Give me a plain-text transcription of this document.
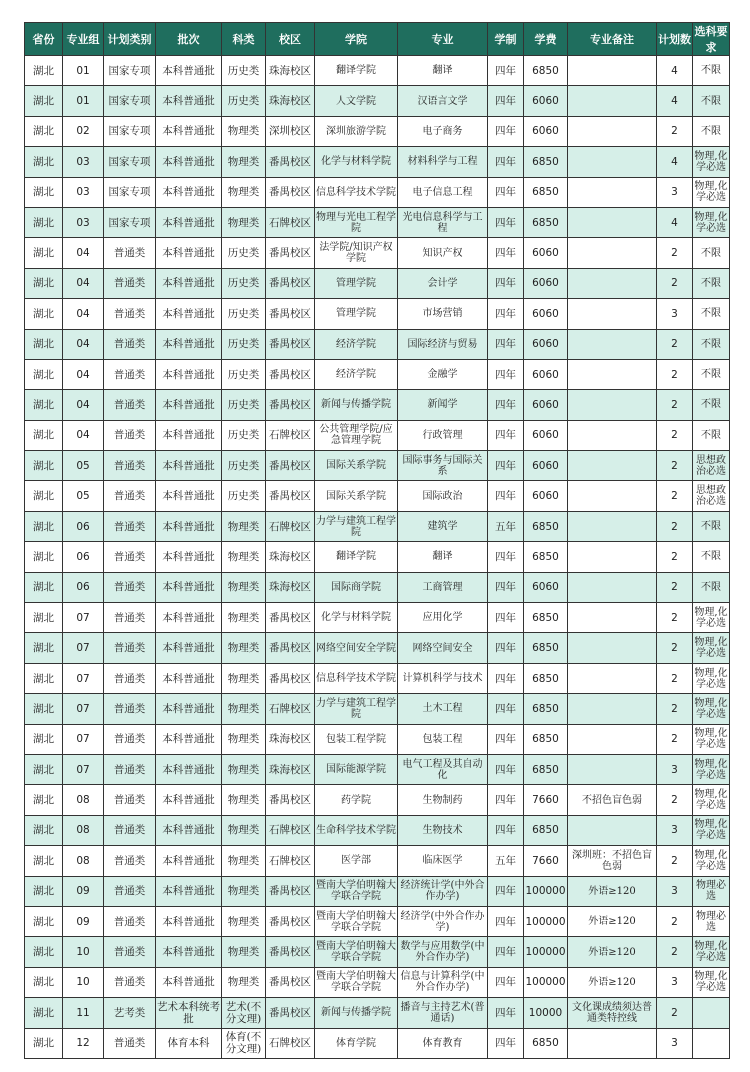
省份	专业组	计划类别	批次	科类	校区	学院	专业	学制	学费	专业备注	计划数	选科要求
湖北	01	国家专项	本科普通批	历史类	珠海校区	翻译学院	翻译	四年	6850		4	不限
湖北	01	国家专项	本科普通批	历史类	珠海校区	人文学院	汉语言文学	四年	6060		4	不限
湖北	02	国家专项	本科普通批	物理类	深圳校区	深圳旅游学院	电子商务	四年	6060		2	不限
湖北	03	国家专项	本科普通批	物理类	番禺校区	化学与材料学院	材料科学与工程	四年	6850		4	物理,化学必选
湖北	03	国家专项	本科普通批	物理类	番禺校区	信息科学技术学院	电子信息工程	四年	6850		3	物理,化学必选
湖北	03	国家专项	本科普通批	物理类	石牌校区	物理与光电工程学院	光电信息科学与工程	四年	6850		4	物理,化学必选
湖北	04	普通类	本科普通批	历史类	番禺校区	法学院/知识产权学院	知识产权	四年	6060		2	不限
湖北	04	普通类	本科普通批	历史类	番禺校区	管理学院	会计学	四年	6060		2	不限
湖北	04	普通类	本科普通批	历史类	番禺校区	管理学院	市场营销	四年	6060		3	不限
湖北	04	普通类	本科普通批	历史类	番禺校区	经济学院	国际经济与贸易	四年	6060		2	不限
湖北	04	普通类	本科普通批	历史类	番禺校区	经济学院	金融学	四年	6060		2	不限
湖北	04	普通类	本科普通批	历史类	番禺校区	新闻与传播学院	新闻学	四年	6060		2	不限
湖北	04	普通类	本科普通批	历史类	石牌校区	公共管理学院/应急管理学院	行政管理	四年	6060		2	不限
湖北	05	普通类	本科普通批	历史类	番禺校区	国际关系学院	国际事务与国际关系	四年	6060		2	思想政治必选
湖北	05	普通类	本科普通批	历史类	番禺校区	国际关系学院	国际政治	四年	6060		2	思想政治必选
湖北	06	普通类	本科普通批	物理类	石牌校区	力学与建筑工程学院	建筑学	五年	6850		2	不限
湖北	06	普通类	本科普通批	物理类	珠海校区	翻译学院	翻译	四年	6850		2	不限
湖北	06	普通类	本科普通批	物理类	珠海校区	国际商学院	工商管理	四年	6060		2	不限
湖北	07	普通类	本科普通批	物理类	番禺校区	化学与材料学院	应用化学	四年	6850		2	物理,化学必选
湖北	07	普通类	本科普通批	物理类	番禺校区	网络空间安全学院	网络空间安全	四年	6850		2	物理,化学必选
湖北	07	普通类	本科普通批	物理类	番禺校区	信息科学技术学院	计算机科学与技术	四年	6850		2	物理,化学必选
湖北	07	普通类	本科普通批	物理类	石牌校区	力学与建筑工程学院	土木工程	四年	6850		2	物理,化学必选
湖北	07	普通类	本科普通批	物理类	珠海校区	包装工程学院	包装工程	四年	6850		2	物理,化学必选
湖北	07	普通类	本科普通批	物理类	珠海校区	国际能源学院	电气工程及其自动化	四年	6850		3	物理,化学必选
湖北	08	普通类	本科普通批	物理类	番禺校区	药学院	生物制药	四年	7660	不招色盲色弱	2	物理,化学必选
湖北	08	普通类	本科普通批	物理类	石牌校区	生命科学技术学院	生物技术	四年	6850		3	物理,化学必选
湖北	08	普通类	本科普通批	物理类	石牌校区	医学部	临床医学	五年	7660	深圳班：不招色盲色弱	2	物理,化学必选
湖北	09	普通类	本科普通批	物理类	番禺校区	暨南大学伯明翰大学联合学院	经济统计学(中外合作办学)	四年	100000	外语≥120	3	物理必选
湖北	09	普通类	本科普通批	物理类	番禺校区	暨南大学伯明翰大学联合学院	经济学(中外合作办学)	四年	100000	外语≥120	2	物理必选
湖北	10	普通类	本科普通批	物理类	番禺校区	暨南大学伯明翰大学联合学院	数学与应用数学(中外合作办学)	四年	100000	外语≥120	2	物理,化学必选
湖北	10	普通类	本科普通批	物理类	番禺校区	暨南大学伯明翰大学联合学院	信息与计算科学(中外合作办学)	四年	100000	外语≥120	3	物理,化学必选
湖北	11	艺考类	艺术本科统考批	艺术(不分文理)	番禺校区	新闻与传播学院	播音与主持艺术(普通话)	四年	10000	文化课成绩须达普通类特控线	2	
湖北	12	普通类	体育本科	体育(不分文理)	石牌校区	体育学院	体育教育	四年	6850		3	
